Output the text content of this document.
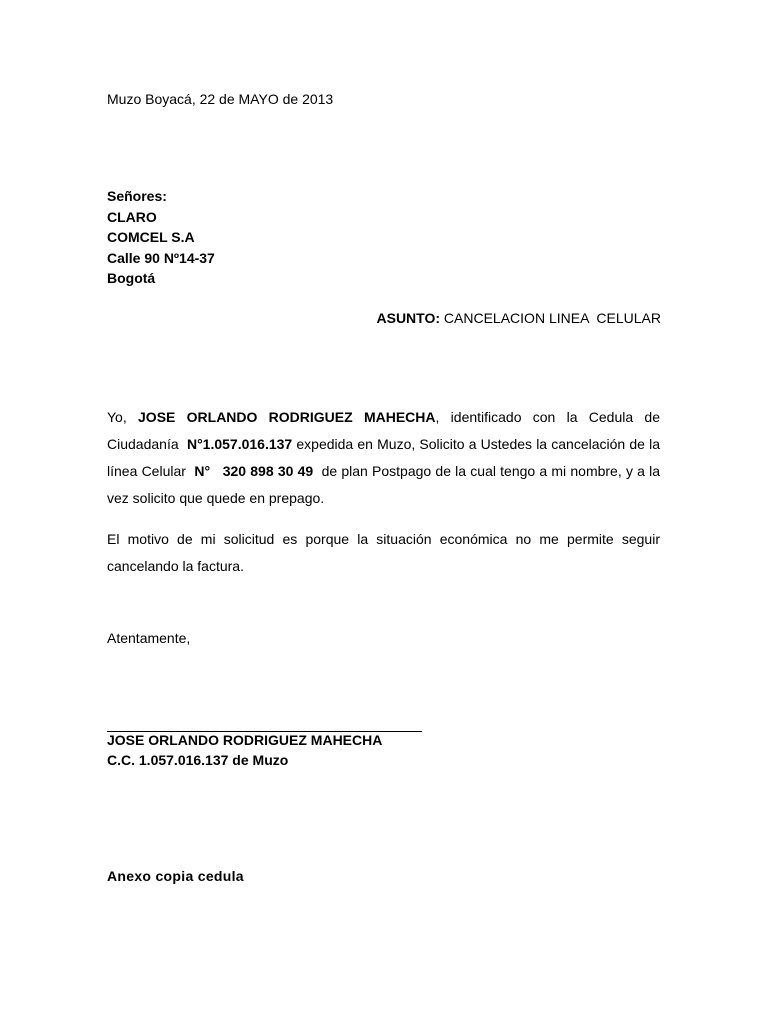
Muzo Boyacá, 22 de MAYO de 2013
Señores:
CLARO
COMCEL S.A
Calle 90 Nº14-37
Bogotá
ASUNTO: CANCELACION LINEA  CELULAR
Yo, JOSE ORLANDO RODRIGUEZ MAHECHA, identificado con la Cedula de Ciudadanía  N°1.057.016.137 expedida en Muzo, Solicito a Ustedes la cancelación de la línea Celular  N° 320 898 30 49  de plan Postpago de la cual tengo a mi nombre, y a la vez solicito que quede en prepago.
El motivo de mi solicitud es porque la situación económica no me permite seguir cancelando la factura.
Atentamente,
JOSE ORLANDO RODRIGUEZ MAHECHA
C.C. 1.057.016.137 de Muzo
Anexo copia cedula
